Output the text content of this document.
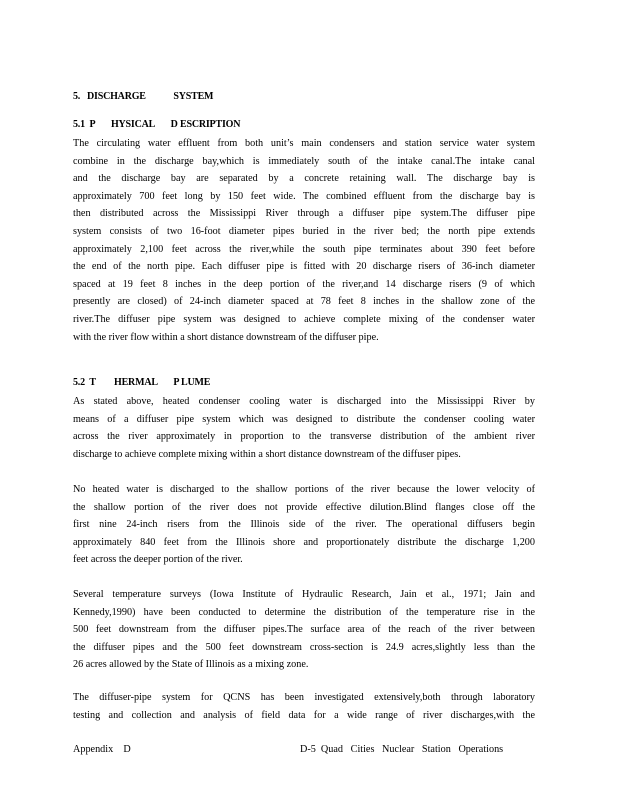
5.   DISCHARGE            SYSTEM
5.1  P       HYSICAL       D ESCRIPTION
The circulating water effluent from both unit’s main condensers and station service water system
combine in the discharge bay,which is immediately south of the intake canal.The intake canal
and the discharge bay are separated by a concrete retaining wall. The discharge bay is
approximately 700 feet long by 150 feet wide. The combined effluent from the discharge bay is
then distributed across the Mississippi River through a diffuser pipe system.The diffuser pipe
system consists of two 16-foot diameter pipes buried in the river bed; the north pipe extends
approximately 2,100 feet across the river,while the south pipe terminates about 390 feet before
the end of the north pipe. Each diffuser pipe is fitted with 20 discharge risers of 36-inch diameter
spaced at 19 feet 8 inches in the deep portion of the river,and 14 discharge risers (9 of which
presently are closed) of 24-inch diameter spaced at 78 feet 8 inches in the shallow zone of the
river.The diffuser pipe system was designed to achieve complete mixing of the condenser water
with the river flow within a short distance downstream of the diffuser pipe.
5.2  T        HERMAL       P LUME
As stated above, heated condenser cooling water is discharged into the Mississippi River by
means of a diffuser pipe system which was designed to distribute the condenser cooling water
across the river approximately in proportion to the transverse distribution of the ambient river
discharge to achieve complete mixing within a short distance downstream of the diffuser pipes.
No heated water is discharged to the shallow portions of the river because the lower velocity of
the shallow portion of the river does not provide effective dilution.Blind flanges close off the
first nine 24-inch risers from the Illinois side of the river. The operational diffusers begin
approximately 840 feet from the Illinois shore and proportionately distribute the discharge 1,200
feet across the deeper portion of the river.
Several temperature surveys (Iowa Institute of Hydraulic Research, Jain et al., 1971; Jain and
Kennedy,1990) have been conducted to determine the distribution of the temperature rise in the
500 feet downstream from the diffuser pipes.The surface area of the reach of the river between
the diffuser pipes and the 500 feet downstream cross-section is 24.9 acres,slightly less than the
26 acres allowed by the State of Illinois as a mixing zone.
The diffuser-pipe system for QCNS has been investigated extensively,both through laboratory
testing and collection and analysis of field data for a wide range of river discharges,with the
Appendix    D	D-5  Quad   Cities   Nuclear   Station   Operations
